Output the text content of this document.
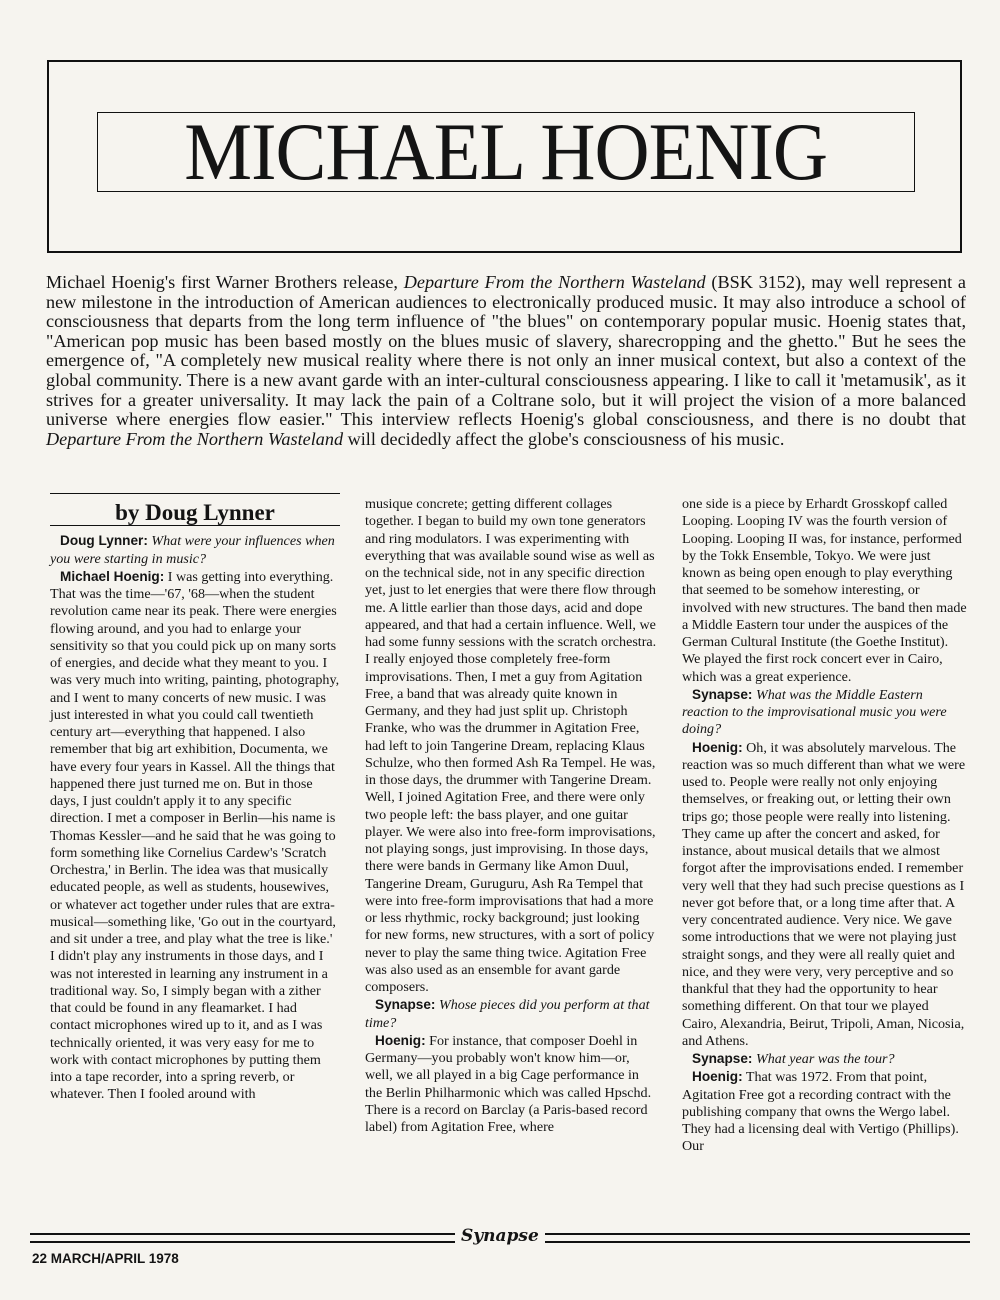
MICHAEL HOENIG

Michael Hoenig's first Warner Brothers release, Departure From the Northern Wasteland (BSK 3152), may well represent a new milestone in the introduction of American audiences to electronically produced music. It may also introduce a school of consciousness that departs from the long term influence of "the blues" on contemporary popular music. Hoenig states that, "American pop music has been based mostly on the blues music of slavery, sharecropping and the ghetto." But he sees the emergence of, "A completely new musical reality where there is not only an inner musical context, but also a context of the global community. There is a new avant garde with an inter-cultural consciousness appearing. I like to call it 'metamusik', as it strives for a greater universality. It may lack the pain of a Coltrane solo, but it will project the vision of a more balanced universe where energies flow easier." This interview reflects Hoenig's global consciousness, and there is no doubt that Departure From the Northern Wasteland will decidedly affect the globe's consciousness of his music.

by Doug Lynner

Doug Lynner: What were your influences when you were starting in music?

Michael Hoenig: I was getting into everything. That was the time—'67, '68—when the student revolution came near its peak. There were energies flowing around, and you had to enlarge your sensitivity so that you could pick up on many sorts of energies, and decide what they meant to you. I was very much into writing, painting, photography, and I went to many concerts of new music. I was just interested in what you could call twentieth century art—everything that happened. I also remember that big art exhibition, Documenta, we have every four years in Kassel. All the things that happened there just turned me on. But in those days, I just couldn't apply it to any specific direction. I met a composer in Berlin—his name is Thomas Kessler—and he said that he was going to form something like Cornelius Cardew's 'Scratch Orchestra,' in Berlin. The idea was that musically educated people, as well as students, housewives, or whatever act together under rules that are extra-musical—something like, 'Go out in the courtyard, and sit under a tree, and play what the tree is like.' I didn't play any instruments in those days, and I was not interested in learning any instrument in a traditional way. So, I simply began with a zither that could be found in any fleamarket. I had contact microphones wired up to it, and as I was technically oriented, it was very easy for me to work with contact microphones by putting them into a tape recorder, into a spring reverb, or whatever. Then I fooled around with

musique concrete; getting different collages together. I began to build my own tone generators and ring modulators. I was experimenting with everything that was available sound wise as well as on the technical side, not in any specific direction yet, just to let energies that were there flow through me. A little earlier than those days, acid and dope appeared, and that had a certain influence. Well, we had some funny sessions with the scratch orchestra. I really enjoyed those completely free-form improvisations. Then, I met a guy from Agitation Free, a band that was already quite known in Germany, and they had just split up. Christoph Franke, who was the drummer in Agitation Free, had left to join Tangerine Dream, replacing Klaus Schulze, who then formed Ash Ra Tempel. He was, in those days, the drummer with Tangerine Dream. Well, I joined Agitation Free, and there were only two people left: the bass player, and one guitar player. We were also into free-form improvisations, not playing songs, just improvising. In those days, there were bands in Germany like Amon Duul, Tangerine Dream, Guruguru, Ash Ra Tempel that were into free-form improvisations that had a more or less rhythmic, rocky background; just looking for new forms, new structures, with a sort of policy never to play the same thing twice. Agitation Free was also used as an ensemble for avant garde composers.

Synapse: Whose pieces did you perform at that time?

Hoenig: For instance, that composer Doehl in Germany—you probably won't know him—or, well, we all played in a big Cage performance in the Berlin Philharmonic which was called Hpschd. There is a record on Barclay (a Paris-based record label) from Agitation Free, where

one side is a piece by Erhardt Grosskopf called Looping. Looping IV was the fourth version of Looping. Looping II was, for instance, performed by the Tokk Ensemble, Tokyo. We were just known as being open enough to play everything that seemed to be somehow interesting, or involved with new structures. The band then made a Middle Eastern tour under the auspices of the German Cultural Institute (the Goethe Institut). We played the first rock concert ever in Cairo, which was a great experience.

Synapse: What was the Middle Eastern reaction to the improvisational music you were doing?

Hoenig: Oh, it was absolutely marvelous. The reaction was so much different than what we were used to. People were really not only enjoying themselves, or freaking out, or letting their own trips go; those people were really into listening. They came up after the concert and asked, for instance, about musical details that we almost forgot after the improvisations ended. I remember very well that they had such precise questions as I never got before that, or a long time after that. A very concentrated audience. Very nice. We gave some introductions that we were not playing just straight songs, and they were all really quiet and nice, and they were very, very perceptive and so thankful that they had the opportunity to hear something different. On that tour we played Cairo, Alexandria, Beirut, Tripoli, Aman, Nicosia, and Athens.

Synapse: What year was the tour?

Hoenig: That was 1972. From that point, Agitation Free got a recording contract with the publishing company that owns the Wergo label. They had a licensing deal with Vertigo (Phillips). Our

Synapse
22 MARCH/APRIL 1978
